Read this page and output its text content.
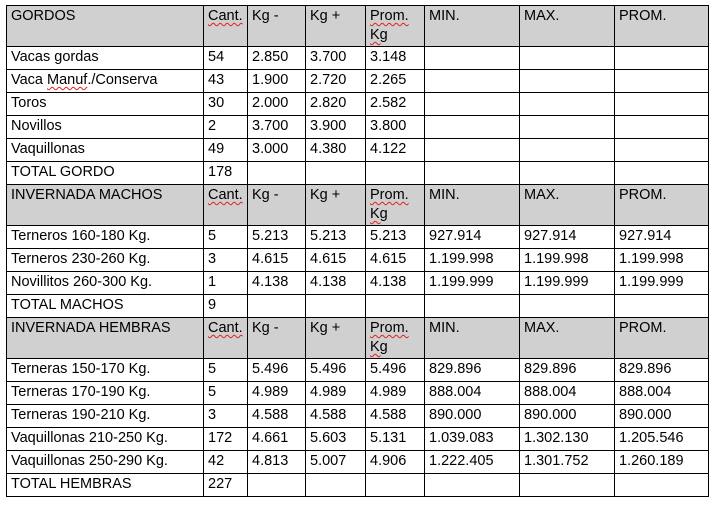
GORDOS	Cant.	Kg -	Kg +	Prom. Kg	MIN.	MAX.	PROM.
Vacas gordas	54	2.850	3.700	3.148			
Vaca Manuf./Conserva	43	1.900	2.720	2.265			
Toros	30	2.000	2.820	2.582			
Novillos	2	3.700	3.900	3.800			
Vaquillonas	49	3.000	4.380	4.122			
TOTAL GORDO	178						
INVERNADA MACHOS	Cant.	Kg -	Kg +	Prom. Kg	MIN.	MAX.	PROM.
Terneros 160-180 Kg.	5	5.213	5.213	5.213	927.914	927.914	927.914
Terneros 230-260 Kg.	3	4.615	4.615	4.615	1.199.998	1.199.998	1.199.998
Novillitos 260-300 Kg.	1	4.138	4.138	4.138	1.199.999	1.199.999	1.199.999
TOTAL MACHOS	9						
INVERNADA HEMBRAS	Cant.	Kg -	Kg +	Prom. Kg	MIN.	MAX.	PROM.
Terneras 150-170 Kg.	5	5.496	5.496	5.496	829.896	829.896	829.896
Terneras 170-190 Kg.	5	4.989	4.989	4.989	888.004	888.004	888.004
Terneras 190-210 Kg.	3	4.588	4.588	4.588	890.000	890.000	890.000
Vaquillonas 210-250 Kg.	172	4.661	5.603	5.131	1.039.083	1.302.130	1.205.546
Vaquillonas 250-290 Kg.	42	4.813	5.007	4.906	1.222.405	1.301.752	1.260.189
TOTAL HEMBRAS	227						
